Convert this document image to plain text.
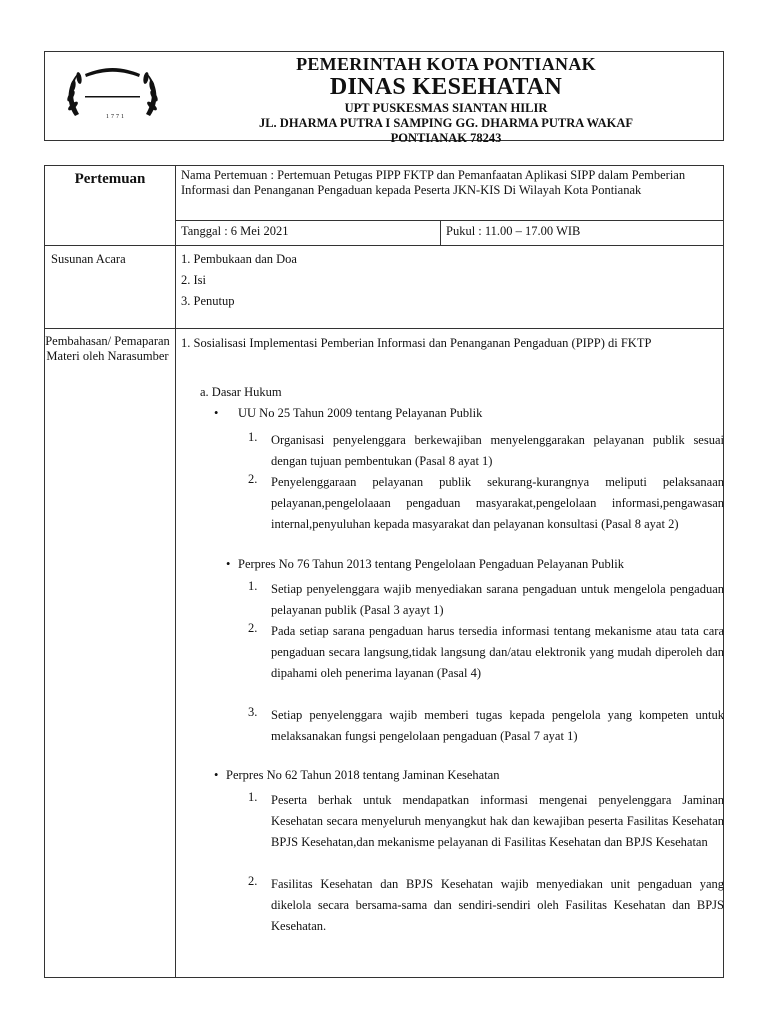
1771
PEMERINTAH KOTA PONTIANAK
DINAS KESEHATAN
UPT PUSKESMAS SIANTAN HILIR
JL. DHARMA PUTRA I SAMPING GG. DHARMA PUTRA WAKAF
PONTIANAK 78243
Pertemuan	Nama Pertemuan : Pertemuan Petugas PIPP FKTP dan Pemanfaatan Aplikasi SIPP dalam Pemberian Informasi dan Penanganan Pengaduan kepada Peserta JKN-KIS Di Wilayah Kota Pontianak
Tanggal : 6 Mei 2021	Pukul : 11.00 – 17.00 WIB
Susunan Acara	1. Pembukaan dan Doa
2. Isi
3. Penutup
Pembahasan/ Pemaparan Materi oleh Narasumber
1. Sosialisasi Implementasi Pemberian Informasi dan Penanganan Pengaduan (PIPP) di FKTP
a. Dasar Hukum
• UU No 25 Tahun 2009 tentang Pelayanan Publik
1. Organisasi penyelenggara berkewajiban menyelenggarakan pelayanan publik sesuai dengan tujuan pembentukan (Pasal 8 ayat 1)
2. Penyelenggaraan pelayanan publik sekurang-kurangnya meliputi pelaksanaan pelayanan,pengelolaaan pengaduan masyarakat,pengelolaan informasi,pengawasan internal,penyuluhan kepada masyarakat dan pelayanan konsultasi (Pasal 8 ayat 2)
• Perpres No 76 Tahun 2013 tentang Pengelolaan Pengaduan Pelayanan Publik
1. Setiap penyelenggara wajib menyediakan sarana pengaduan untuk mengelola pengaduan pelayanan publik (Pasal 3 ayayt 1)
2. Pada setiap sarana pengaduan harus tersedia informasi tentang mekanisme atau tata cara pengaduan secara langsung,tidak langsung dan/atau elektronik yang mudah diperoleh dan dipahami oleh penerima layanan (Pasal 4)
3. Setiap penyelenggara wajib memberi tugas kepada pengelola yang kompeten untuk melaksanakan fungsi pengelolaan pengaduan (Pasal 7 ayat 1)
• Perpres No 62 Tahun 2018 tentang Jaminan Kesehatan
1. Peserta berhak untuk mendapatkan informasi mengenai penyelenggara Jaminan Kesehatan secara menyeluruh menyangkut hak dan kewajiban peserta Fasilitas Kesehatan BPJS Kesehatan,dan mekanisme pelayanan di Fasilitas Kesehatan dan BPJS Kesehatan
2. Fasilitas Kesehatan dan BPJS Kesehatan wajib menyediakan unit pengaduan yang dikelola secara bersama-sama dan sendiri-sendiri oleh Fasilitas Kesehatan dan BPJS Kesehatan.
